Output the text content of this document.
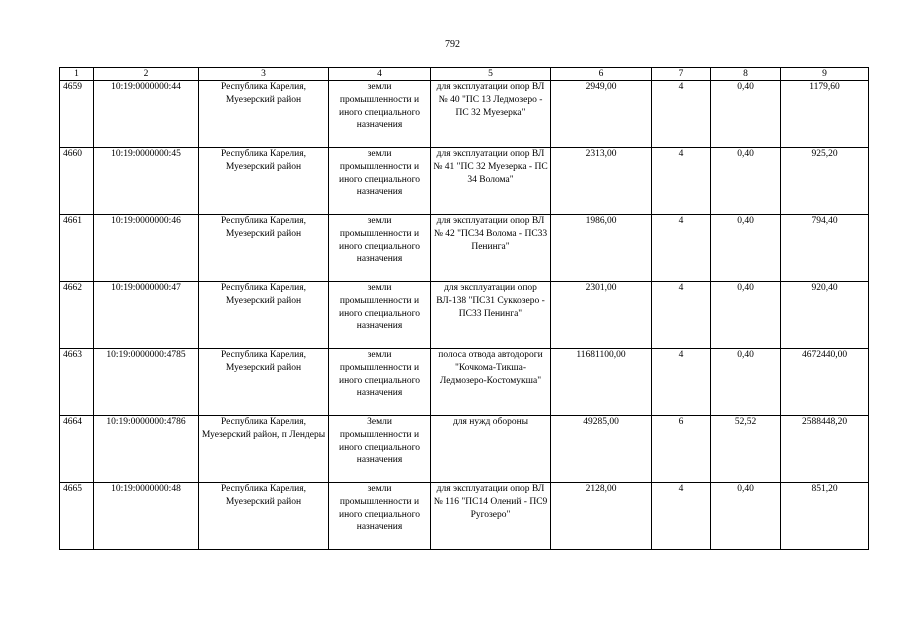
792
1	2	3	4	5	6	7	8	9
4659	10:19:0000000:44	Республика Карелия, Муезерский район	земли промышленности и иного специального назначения	для эксплуатации опор ВЛ № 40 "ПС 13 Ледмозеро - ПС 32 Муезерка"	2949,00	4	0,40	1179,60
4660	10:19:0000000:45	Республика Карелия, Муезерский район	земли промышленности и иного специального назначения	для эксплуатации опор ВЛ № 41 "ПС 32 Муезерка - ПС 34 Волома"	2313,00	4	0,40	925,20
4661	10:19:0000000:46	Республика Карелия, Муезерский район	земли промышленности и иного специального назначения	для эксплуатации опор ВЛ № 42 "ПС34 Волома - ПС33 Пенинга"	1986,00	4	0,40	794,40
4662	10:19:0000000:47	Республика Карелия, Муезерский район	земли промышленности и иного специального назначения	для эксплуатации опор ВЛ-138 "ПС31 Суккозеро - ПС33 Пенинга"	2301,00	4	0,40	920,40
4663	10:19:0000000:4785	Республика Карелия, Муезерский район	земли промышленности и иного специального назначения	полоса отвода автодороги "Кочкома-Тикша-Ледмозеро-Костомукша"	11681100,00	4	0,40	4672440,00
4664	10:19:0000000:4786	Республика Карелия, Муезерский район, п Лендеры	Земли промышленности и иного специального назначения	для нужд обороны	49285,00	6	52,52	2588448,20
4665	10:19:0000000:48	Республика Карелия, Муезерский район	земли промышленности и иного специального назначения	для эксплуатации опор ВЛ № 116 "ПС14 Олений - ПС9 Ругозеро"	2128,00	4	0,40	851,20
